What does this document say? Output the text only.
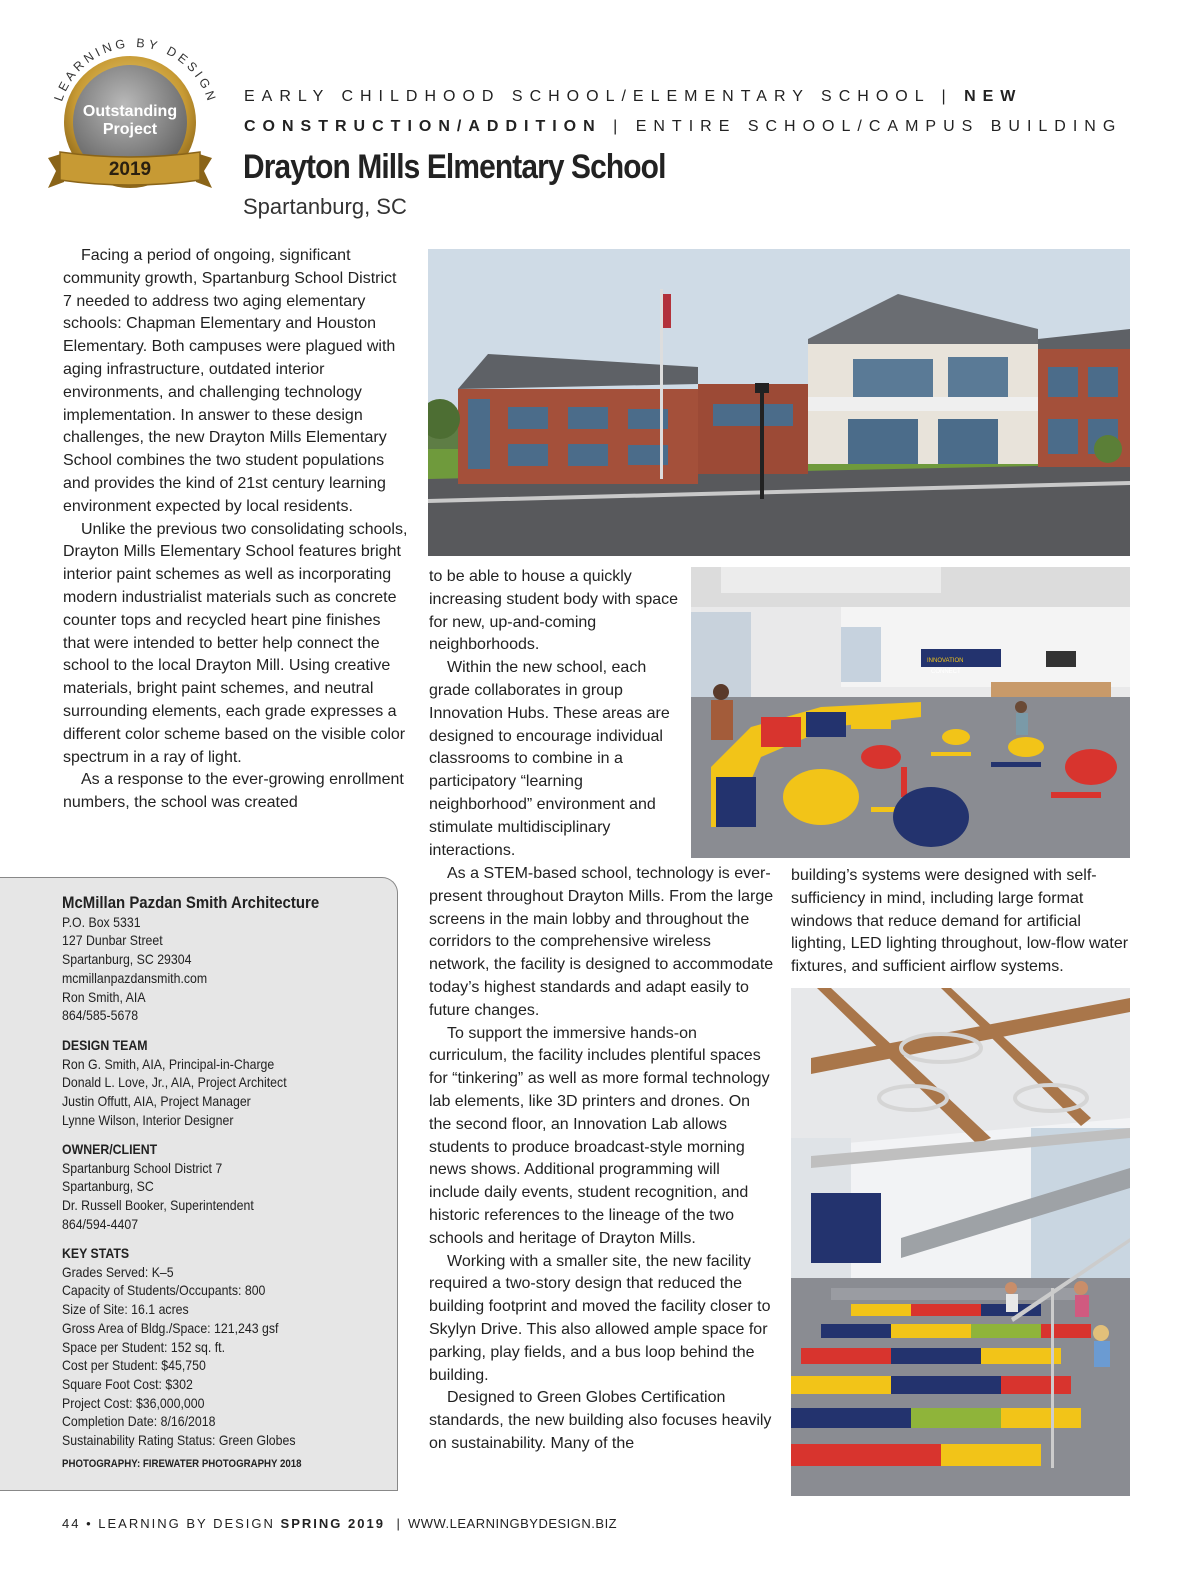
LEARNING BY DESIGN
Outstanding
Project
2019
EARLY CHILDHOOD SCHOOL/ELEMENTARY SCHOOL | NEW
CONSTRUCTION/ADDITION | ENTIRE SCHOOL/CAMPUS BUILDING
Drayton Mills Elmentary School
Spartanburg, SC

Facing a period of ongoing, significant community growth, Spartanburg School District 7 needed to address two aging elementary schools: Chapman Elementary and Houston Elementary. Both campuses were plagued with aging infrastructure, outdated interior environments, and challenging technology implementation. In answer to these design challenges, the new Drayton Mills Elementary School combines the two student populations and provides the kind of 21st century learning environment expected by local residents.

Unlike the previous two consolidating schools, Drayton Mills Elementary School features bright interior paint schemes as well as incorporating modern industrialist materials such as concrete counter tops and recycled heart pine finishes that were intended to better help connect the school to the local Drayton Mill. Using creative materials, bright paint schemes, and neutral surrounding elements, each grade expresses a different color scheme based on the visible color spectrum in a ray of light.

As a response to the ever-growing enrollment numbers, the school was created

to be able to house a quickly increasing student body with space for new, up-and-coming neighborhoods.

Within the new school, each grade collaborates in group Innovation Hubs. These areas are designed to encourage individual classrooms to combine in a participatory “learning neighborhood” environment and stimulate multidisciplinary interactions.

INNOVATION
CONNECT

As a STEM-based school, technology is ever-present throughout Drayton Mills. From the large screens in the main lobby and throughout the corridors to the comprehensive wireless network, the facility is designed to accommodate today’s highest standards and adapt easily to future changes.

To support the immersive hands-on curriculum, the facility includes plentiful spaces for “tinkering” as well as more formal technology lab elements, like 3D printers and drones. On the second floor, an Innovation Lab allows students to produce broadcast-style morning news shows. Additional programming will include daily events, student recognition, and historic references to the lineage of the two schools and heritage of Drayton Mills.

Working with a smaller site, the new facility required a two-story design that reduced the building footprint and moved the facility closer to Skylyn Drive. This also allowed ample space for parking, play fields, and a bus loop behind the building.

Designed to Green Globes Certification standards, the new building also focuses heavily on sustainability. Many of the

building’s systems were designed with self-sufficiency in mind, including large format windows that reduce demand for artificial lighting, LED lighting throughout, low-flow water fixtures, and sufficient airflow systems.

McMillan Pazdan Smith Architecture
P.O. Box 5331
127 Dunbar Street
Spartanburg, SC 29304
mcmillanpazdansmith.com
Ron Smith, AIA
864/585-5678
DESIGN TEAM
Ron G. Smith, AIA, Principal-in-Charge
Donald L. Love, Jr., AIA, Project Architect
Justin Offutt, AIA, Project Manager
Lynne Wilson, Interior Designer
OWNER/CLIENT
Spartanburg School District 7
Spartanburg, SC
Dr. Russell Booker, Superintendent
864/594-4407
KEY STATS
Grades Served: K–5
Capacity of Students/Occupants: 800
Size of Site: 16.1 acres
Gross Area of Bldg./Space: 121,243 gsf
Space per Student: 152 sq. ft.
Cost per Student: $45,750
Square Foot Cost: $302
Project Cost: $36,000,000
Completion Date: 8/16/2018
Sustainability Rating Status: Green Globes
PHOTOGRAPHY: FIREWATER PHOTOGRAPHY 2018
44 • LEARNING BY DESIGN SPRING 2019 | WWW.LEARNINGBYDESIGN.BIZ
